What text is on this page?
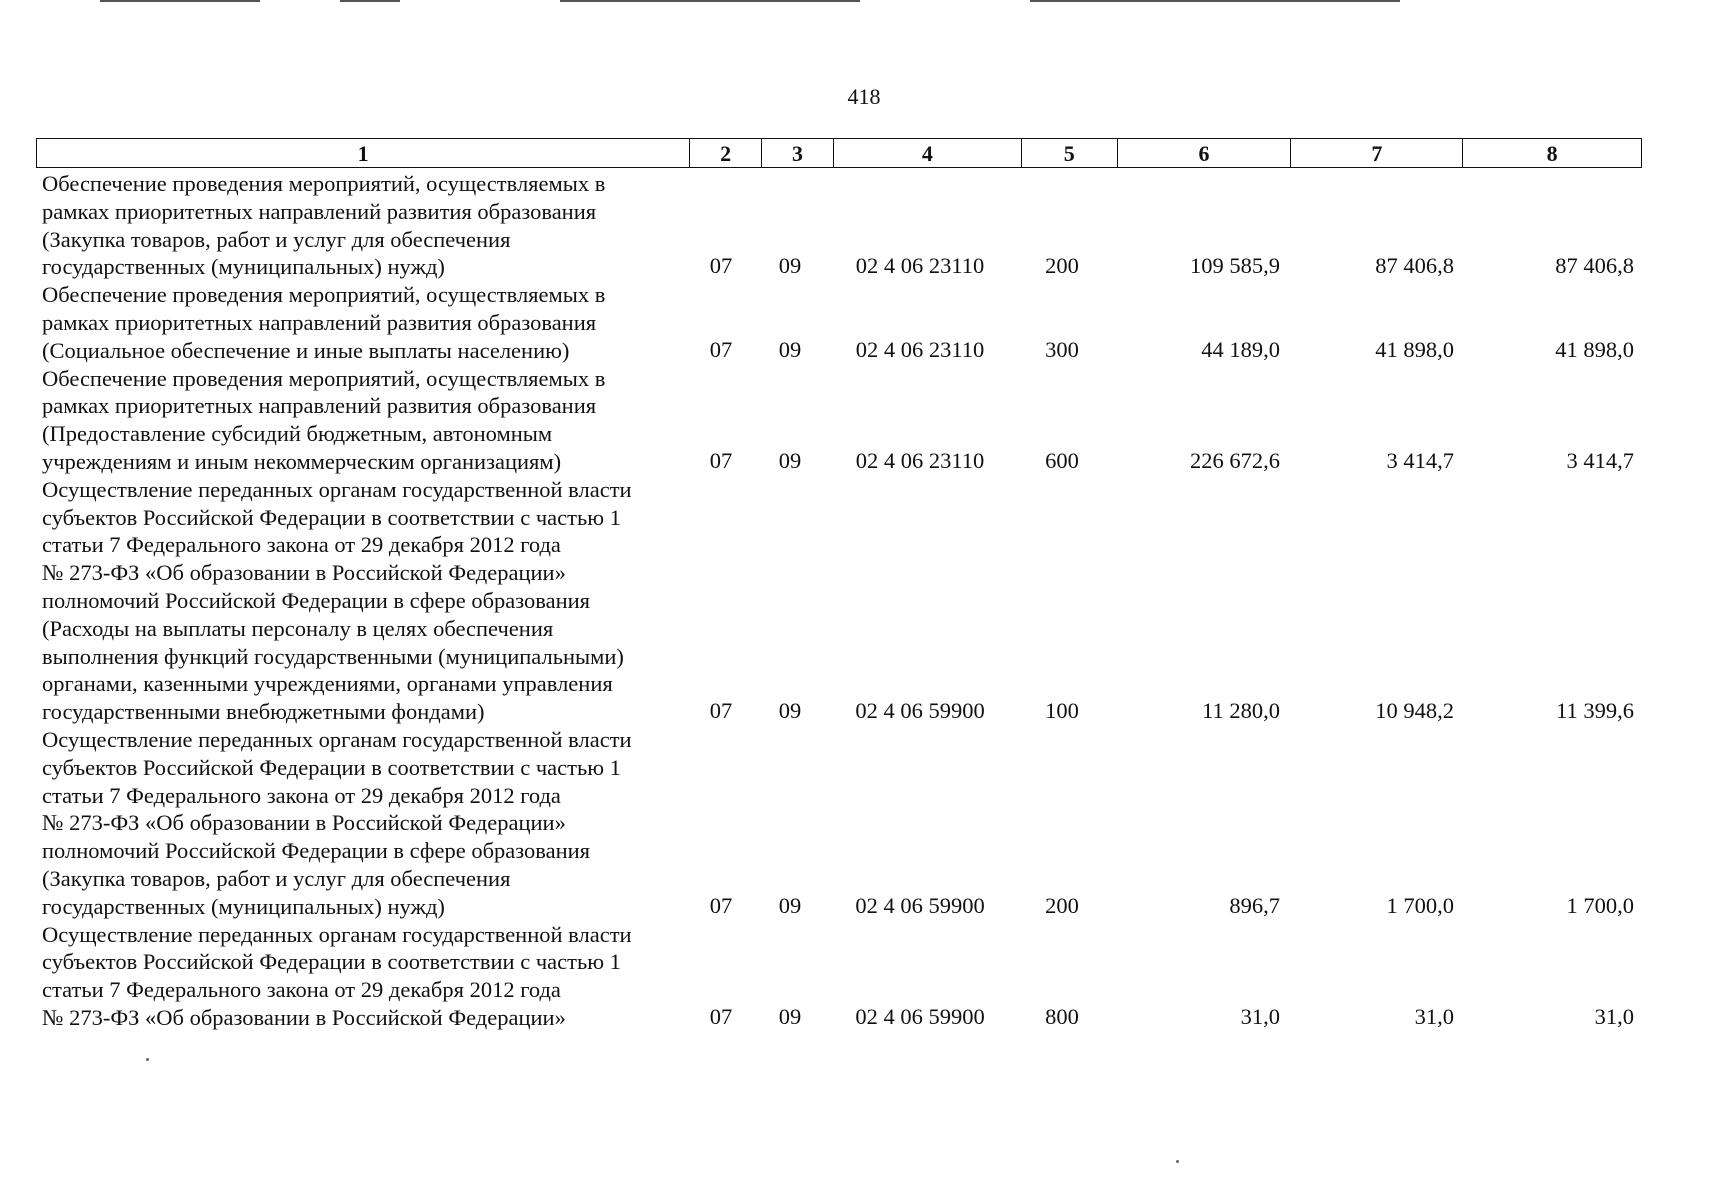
418
1	2	3	4	5	6	7	8
Обеспечение проведения мероприятий, осуществляемых в
рамках приоритетных направлений развития образования
(Закупка товаров, работ и услуг для обеспечения
государственных (муниципальных) нужд)	07	09	02 4 06 23110	200	109 585,9	87 406,8	87 406,8
Обеспечение проведения мероприятий, осуществляемых в
рамках приоритетных направлений развития образования
(Социальное обеспечение и иные выплаты населению)	07	09	02 4 06 23110	300	44 189,0	41 898,0	41 898,0
Обеспечение проведения мероприятий, осуществляемых в
рамках приоритетных направлений развития образования
(Предоставление субсидий бюджетным, автономным
учреждениям и иным некоммерческим организациям)	07	09	02 4 06 23110	600	226 672,6	3 414,7	3 414,7
Осуществление переданных органам государственной власти
субъектов Российской Федерации в соответствии с частью 1
статьи 7 Федерального закона от 29 декабря 2012 года
№ 273-ФЗ «Об образовании в Российской Федерации»
полномочий Российской Федерации в сфере образования
(Расходы на выплаты персоналу в целях обеспечения
выполнения функций государственными (муниципальными)
органами, казенными учреждениями, органами управления
государственными внебюджетными фондами)	07	09	02 4 06 59900	100	11 280,0	10 948,2	11 399,6
Осуществление переданных органам государственной власти
субъектов Российской Федерации в соответствии с частью 1
статьи 7 Федерального закона от 29 декабря 2012 года
№ 273-ФЗ «Об образовании в Российской Федерации»
полномочий Российской Федерации в сфере образования
(Закупка товаров, работ и услуг для обеспечения
государственных (муниципальных) нужд)	07	09	02 4 06 59900	200	896,7	1 700,0	1 700,0
Осуществление переданных органам государственной власти
субъектов Российской Федерации в соответствии с частью 1
статьи 7 Федерального закона от 29 декабря 2012 года
№ 273-ФЗ «Об образовании в Российской Федерации»	07	09	02 4 06 59900	800	31,0	31,0	31,0
